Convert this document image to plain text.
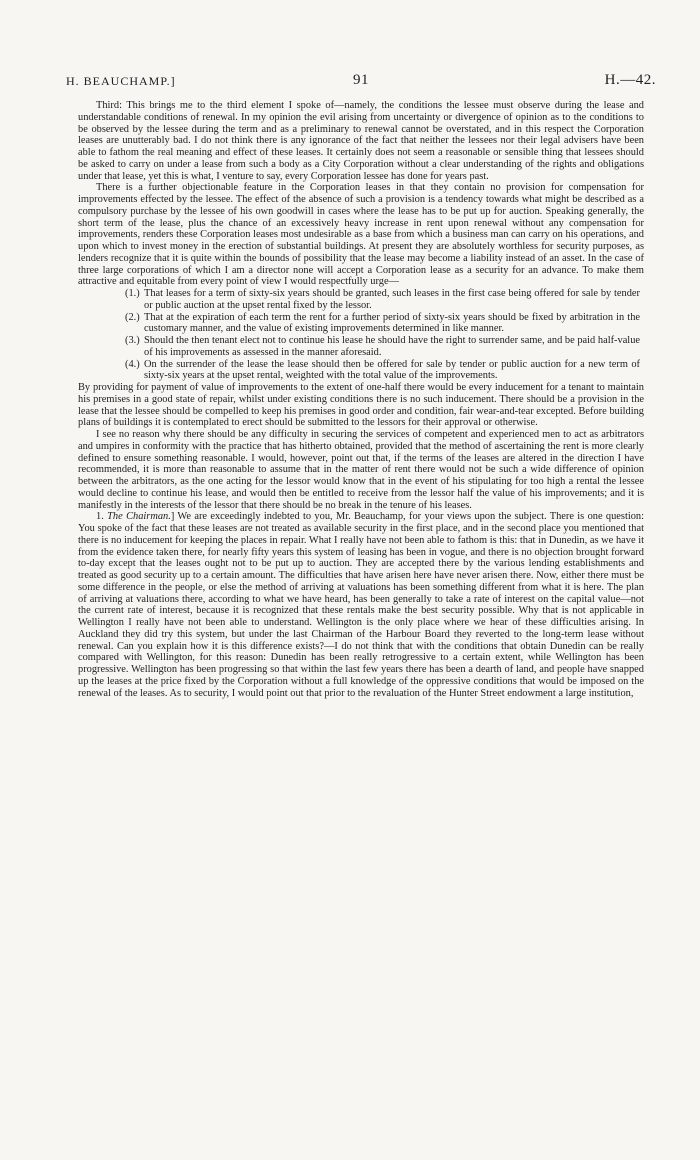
H. BEAUCHAMP.]	91	H.—42.

Third: This brings me to the third element I spoke of—namely, the conditions the lessee must observe during the lease and understandable conditions of renewal. In my opinion the evil arising from uncertainty or divergence of opinion as to the conditions to be observed by the lessee during the term and as a preliminary to renewal cannot be overstated, and in this respect the Corporation leases are unutterably bad. I do not think there is any ignorance of the fact that neither the lessees nor their legal advisers have been able to fathom the real meaning and effect of these leases. It certainly does not seem a reasonable or sensible thing that lessees should be asked to carry on under a lease from such a body as a City Corporation without a clear understanding of the rights and obligations under that lease, yet this is what, I venture to say, every Corporation lessee has done for years past.

There is a further objectionable feature in the Corporation leases in that they contain no provision for compensation for improvements effected by the lessee. The effect of the absence of such a provision is a tendency towards what might be described as a compulsory purchase by the lessee of his own goodwill in cases where the lease has to be put up for auction. Speaking generally, the short term of the lease, plus the chance of an excessively heavy increase in rent upon renewal without any compensation for improvements, renders these Corporation leases most undesirable as a base from which a business man can carry on his operations, and upon which to invest money in the erection of substantial buildings. At present they are absolutely worthless for security purposes, as lenders recognize that it is quite within the bounds of possibility that the lease may become a liability instead of an asset. In the case of three large corporations of which I am a director none will accept a Corporation lease as a security for an advance. To make them attractive and equitable from every point of view I would respectfully urge—

(1.) That leases for a term of sixty-six years should be granted, such leases in the first case being offered for sale by tender or public auction at the upset rental fixed by the lessor.
(2.) That at the expiration of each term the rent for a further period of sixty-six years should be fixed by arbitration in the customary manner, and the value of existing improvements determined in like manner.
(3.) Should the then tenant elect not to continue his lease he should have the right to surrender same, and be paid half-value of his improvements as assessed in the manner aforesaid.
(4.) On the surrender of the lease the lease should then be offered for sale by tender or public auction for a new term of sixty-six years at the upset rental, weighted with the total value of the improvements.

By providing for payment of value of improvements to the extent of one-half there would be every inducement for a tenant to maintain his premises in a good state of repair, whilst under existing conditions there is no such inducement. There should be a provision in the lease that the lessee should be compelled to keep his premises in good order and condition, fair wear-and-tear excepted. Before building plans of buildings it is contemplated to erect should be submitted to the lessors for their approval or otherwise.

I see no reason why there should be any difficulty in securing the services of competent and experienced men to act as arbitrators and umpires in conformity with the practice that has hitherto obtained, provided that the method of ascertaining the rent is more clearly defined to ensure something reasonable. I would, however, point out that, if the terms of the leases are altered in the direction I have recommended, it is more than reasonable to assume that in the matter of rent there would not be such a wide difference of opinion between the arbitrators, as the one acting for the lessor would know that in the event of his stipulating for too high a rental the lessee would decline to continue his lease, and would then be entitled to receive from the lessor half the value of his improvements; and it is manifestly in the interests of the lessor that there should be no break in the tenure of his leases.

1. The Chairman.] We are exceedingly indebted to you, Mr. Beauchamp, for your views upon the subject. There is one question: You spoke of the fact that these leases are not treated as available security in the first place, and in the second place you mentioned that there is no inducement for keeping the places in repair. What I really have not been able to fathom is this: that in Dunedin, as we have it from the evidence taken there, for nearly fifty years this system of leasing has been in vogue, and there is no objection brought forward to-day except that the leases ought not to be put up to auction. They are accepted there by the various lending establishments and treated as good security up to a certain amount. The difficulties that have arisen here have never arisen there. Now, either there must be some difference in the people, or else the method of arriving at valuations has been something different from what it is here. The plan of arriving at valuations there, according to what we have heard, has been generally to take a rate of interest on the capital value—not the current rate of interest, because it is recognized that these rentals make the best security possible. Why that is not applicable in Wellington I really have not been able to understand. Wellington is the only place where we hear of these difficulties arising. In Auckland they did try this system, but under the last Chairman of the Harbour Board they reverted to the long-term lease without renewal. Can you explain how it is this difference exists?—I do not think that with the conditions that obtain Dunedin can be really compared with Wellington, for this reason: Dunedin has been really retrogressive to a certain extent, while Wellington has been progressive. Wellington has been progressing so that within the last few years there has been a dearth of land, and people have snapped up the leases at the price fixed by the Corporation without a full knowledge of the oppressive conditions that would be imposed on the renewal of the leases. As to security, I would point out that prior to the revaluation of the Hunter Street endowment a large institution,
